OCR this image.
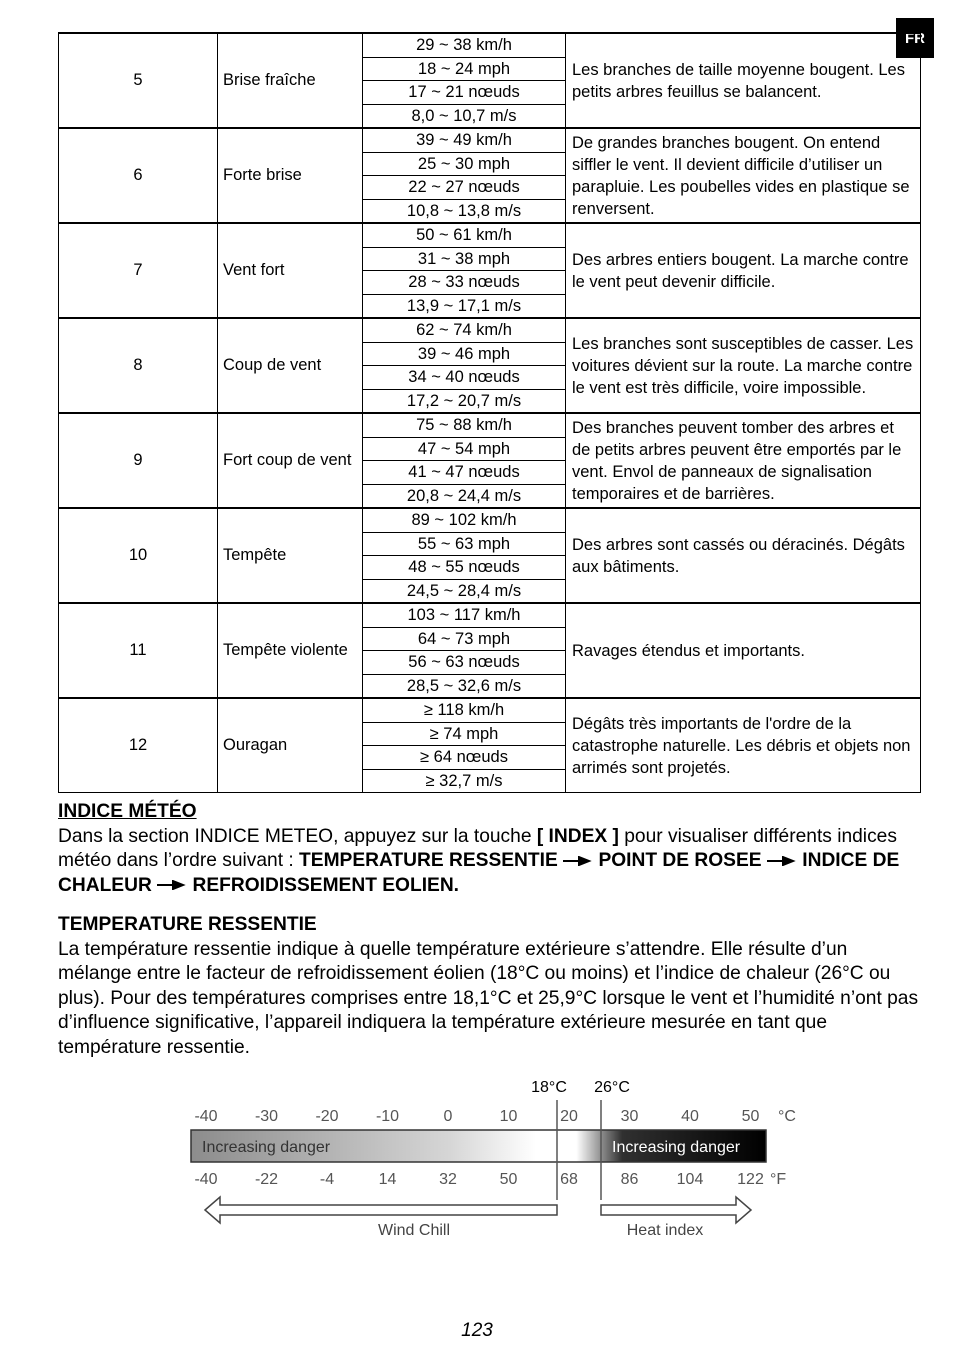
FR
5	Brise fraîche	29 ~ 38 km/h	Les branches de taille moyenne bougent. Les petits arbres feuillus se balancent.
		18 ~ 24 mph	
		17 ~ 21 nœuds	
		8,0 ~ 10,7 m/s	
6	Forte brise	39 ~ 49 km/h	De grandes branches bougent. On entend siffler le vent. Il devient difficile d’utiliser un parapluie. Les poubelles vides en plastique se renversent.
		25 ~ 30 mph	
		22 ~ 27 nœuds	
		10,8 ~ 13,8 m/s	
7	Vent fort	50 ~ 61 km/h	Des arbres entiers bougent. La marche contre le vent peut devenir difficile.
		31 ~ 38 mph	
		28 ~ 33 nœuds	
		13,9 ~ 17,1 m/s	
8	Coup de vent	62 ~ 74 km/h	Les branches sont susceptibles de casser. Les voitures dévient sur la route. La marche contre le vent est très difficile, voire impossible.
		39 ~ 46 mph	
		34 ~ 40 nœuds	
		17,2 ~ 20,7 m/s	
9	Fort coup de vent	75 ~ 88 km/h	Des branches peuvent tomber des arbres et de petits arbres peuvent être emportés par le vent. Envol de panneaux de signalisation temporaires et de barrières.
		47 ~ 54 mph	
		41 ~ 47 nœuds	
		20,8 ~ 24,4 m/s	
10	Tempête	89 ~ 102 km/h	Des arbres sont cassés ou déracinés. Dégâts aux bâtiments.
		55 ~ 63 mph	
		48 ~ 55 nœuds	
		24,5 ~ 28,4 m/s	
11	Tempête violente	103 ~ 117 km/h	Ravages étendus et importants.
		64 ~ 73 mph	
		56 ~ 63 nœuds	
		28,5 ~ 32,6 m/s	
12	Ouragan	≥ 118 km/h	Dégâts très importants de l'ordre de la catastrophe naturelle. Les débris et objets non arrimés sont projetés.
		≥ 74 mph	
		≥ 64 nœuds	
		≥ 32,7 m/s	
INDICE MÉTÉO
Dans la section INDICE METEO, appuyez sur la touche [ INDEX ] pour visualiser différents indices météo dans l’ordre suivant : TEMPERATURE RESSENTIE POINT DE ROSEE INDICE DE CHALEUR REFROIDISSEMENT EOLIEN.
TEMPERATURE RESSENTIE
La température ressentie indique à quelle température extérieure s’attendre. Elle résulte d’un mélange entre le facteur de refroidissement éolien (18°C ou moins) et l’indice de chaleur (26°C ou plus). Pour des températures comprises entre 18,1°C et 25,9°C lorsque le vent et l’humidité n’ont pas d’influence significative, l’appareil indiquera la température extérieure mesurée en tant que température ressentie.
18°C 26°C
-40 -30 -20 -10	0	10	20	30	40	50 °C
Increasing danger	Increasing danger
-40 -22	-4	14	32	50	68	86 104 122 °F
Wind Chill	Heat index
123
